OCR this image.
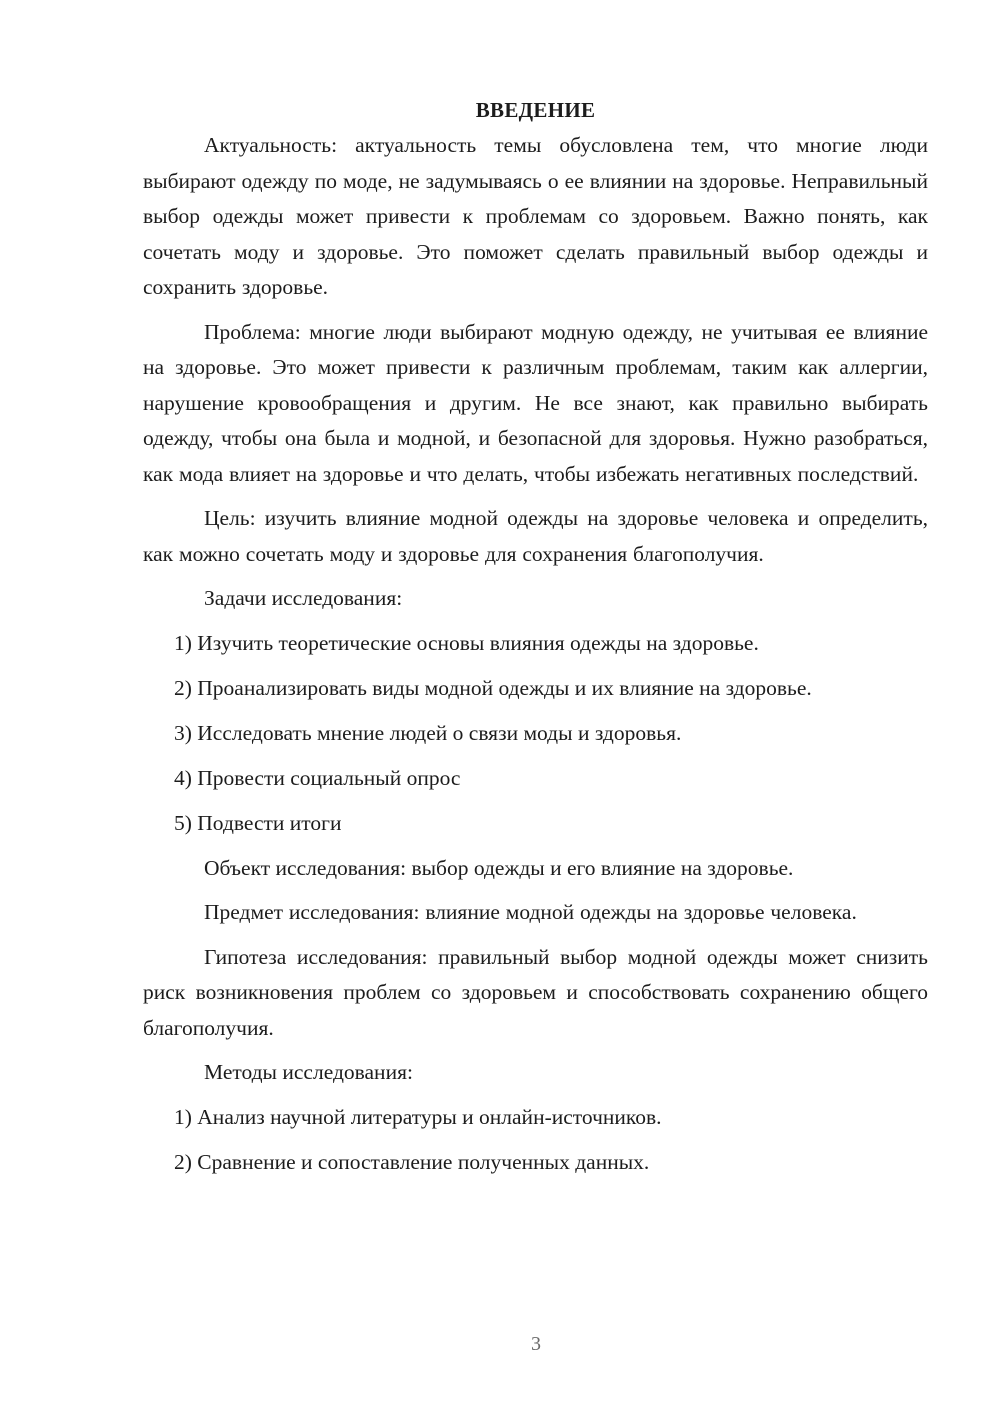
ВВЕДЕНИЕ

Актуальность: актуальность темы обусловлена тем, что многие люди выбирают одежду по моде, не задумываясь о ее влиянии на здоровье. Неправильный выбор одежды может привести к проблемам со здоровьем. Важно понять, как сочетать моду и здоровье. Это поможет сделать правильный выбор одежды и сохранить здоровье.

Проблема: многие люди выбирают модную одежду, не учитывая ее влияние на здоровье. Это может привести к различным проблемам, таким как аллергии, нарушение кровообращения и другим. Не все знают, как правильно выбирать одежду, чтобы она была и модной, и безопасной для здоровья. Нужно разобраться, как мода влияет на здоровье и что делать, чтобы избежать негативных последствий.

Цель: изучить влияние модной одежды на здоровье человека и определить, как можно сочетать моду и здоровье для сохранения благополучия.

Задачи исследования:

1) Изучить теоретические основы влияния одежды на здоровье.
2) Проанализировать виды модной одежды и их влияние на здоровье.
3) Исследовать мнение людей о связи моды и здоровья.
4) Провести социальный опрос
5) Подвести итоги

Объект исследования: выбор одежды и его влияние на здоровье.

Предмет исследования: влияние модной одежды на здоровье человека.

Гипотеза исследования: правильный выбор модной одежды может снизить риск возникновения проблем со здоровьем и способствовать сохранению общего благополучия.

Методы исследования:

1) Анализ научной литературы и онлайн-источников.
2) Сравнение и сопоставление полученных данных.
3
